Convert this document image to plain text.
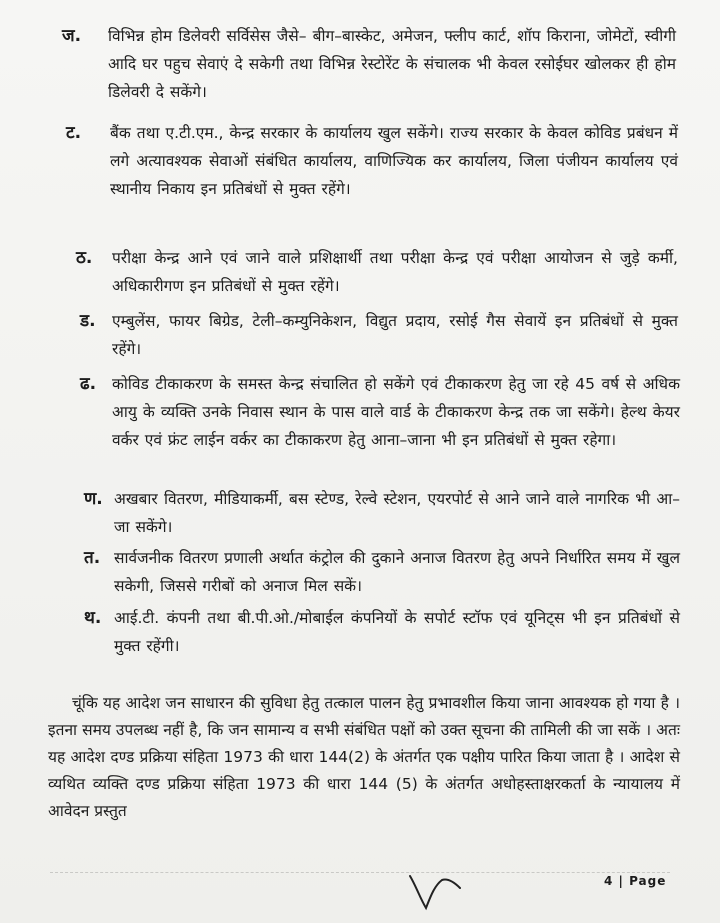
ज. विभिन्न होम डिलेवरी सर्विसेस जैसे– बीग–बास्केट, अमेजन, फ्लीप कार्ट, शॉप किराना, जोमेटों, स्वीगी आदि घर पहुच सेवाएं दे सकेगी तथा विभिन्न रेस्टोरेंट के संचालक भी केवल रसोईघर खोलकर ही होम डिलेवरी दे सकेंगे।
ट. बैंक तथा ए.टी.एम., केन्द्र सरकार के कार्यालय खुल सकेंगे। राज्य सरकार के केवल कोविड प्रबंधन में लगे अत्यावश्यक सेवाओं संबंधित कार्यालय, वाणिज्यिक कर कार्यालय, जिला पंजीयन कार्यालय एवं स्थानीय निकाय इन प्रतिबंधों से मुक्त रहेंगे।
ठ. परीक्षा केन्द्र आने एवं जाने वाले प्रशिक्षार्थी तथा परीक्षा केन्द्र एवं परीक्षा आयोजन से जुड़े कर्मी, अधिकारीगण इन प्रतिबंधों से मुक्त रहेंगे।
ड. एम्बुलेंस, फायर बिग्रेड, टेली–कम्युनिकेशन, विद्युत प्रदाय, रसोई गैस सेवायें इन प्रतिबंधों से मुक्त रहेंगे।
ढ. कोविड टीकाकरण के समस्त केन्द्र संचालित हो सकेंगे एवं टीकाकरण हेतु जा रहे 45 वर्ष से अधिक आयु के व्यक्ति उनके निवास स्थान के पास वाले वार्ड के टीकाकरण केन्द्र तक जा सकेंगे। हेल्थ केयर वर्कर एवं फ्रंट लाईन वर्कर का टीकाकरण हेतु आना–जाना भी इन प्रतिबंधों से मुक्त रहेगा।
ण. अखबार वितरण, मीडियाकर्मी, बस स्टेण्ड, रेल्वे स्टेशन, एयरपोर्ट से आने जाने वाले नागरिक भी आ–जा सकेंगे।
त. सार्वजनीक वितरण प्रणाली अर्थात कंट्रोल की दुकाने अनाज वितरण हेतु अपने निर्धारित समय में खुल सकेगी, जिससे गरीबों को अनाज मिल सकें।
थ. आई.टी. कंपनी तथा बी.पी.ओ./मोबाईल कंपनियों के सपोर्ट स्टॉफ एवं यूनिट्स भी इन प्रतिबंधों से मुक्त रहेंगी।
चूंकि यह आदेश जन साधारन की सुविधा हेतु तत्काल पालन हेतु प्रभावशील किया जाना आवश्यक हो गया है । इतना समय उपलब्ध नहीं है, कि जन सामान्य व सभी संबंधित पक्षों को उक्त सूचना की तामिली की जा सकें । अतः यह आदेश दण्ड प्रक्रिया संहिता 1973 की धारा 144(2) के अंतर्गत एक पक्षीय पारित किया जाता है । आदेश से व्यथित व्यक्ति दण्ड प्रक्रिया संहिता 1973 की धारा 144 (5) के अंतर्गत अधोहस्ताक्षरकर्ता के न्यायालय में आवेदन प्रस्तुत
4 | Page
